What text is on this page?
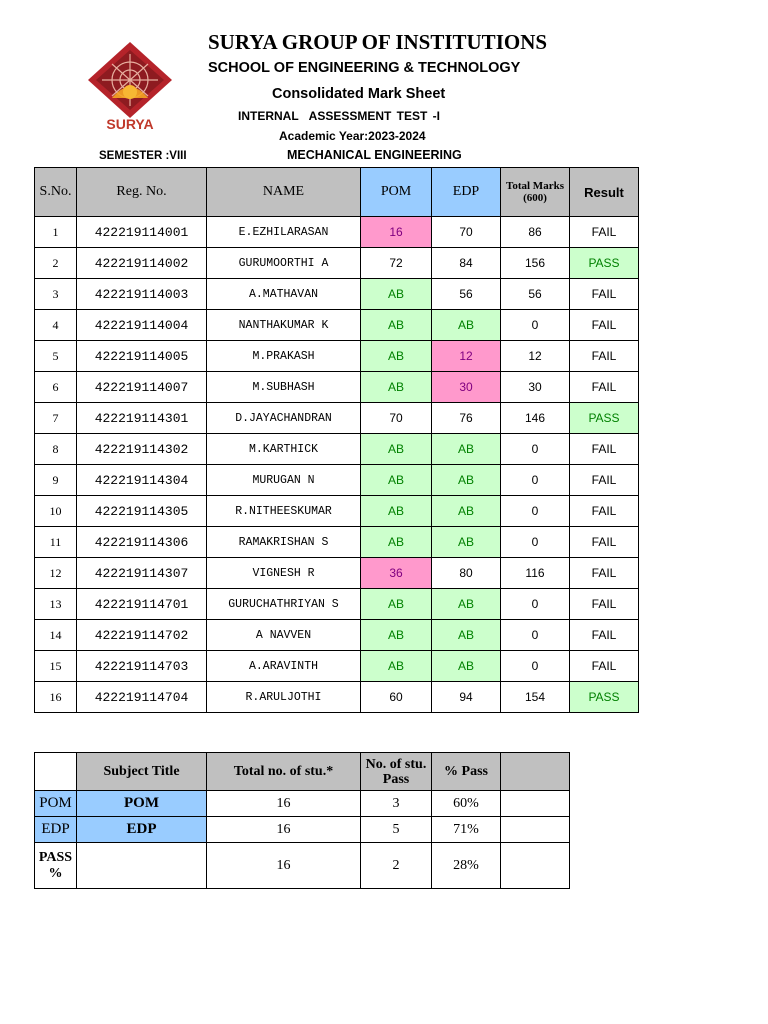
SURYA
SURYA GROUP OF INSTITUTIONS
SCHOOL OF ENGINEERING & TECHNOLOGY
Consolidated Mark Sheet
INTERNAL  ASSESSMENT TEST -I
Academic Year:2023-2024
SEMESTER :VIII	MECHANICAL ENGINEERING
S.No.	Reg. No.	NAME	POM	EDP	Total Marks (600)	Result
1	422219114001	E.EZHILARASAN	16	70	86	FAIL
2	422219114002	GURUMOORTHI A	72	84	156	PASS
3	422219114003	A.MATHAVAN	AB	56	56	FAIL
4	422219114004	NANTHAKUMAR K	AB	AB	0	FAIL
5	422219114005	M.PRAKASH	AB	12	12	FAIL
6	422219114007	M.SUBHASH	AB	30	30	FAIL
7	422219114301	D.JAYACHANDRAN	70	76	146	PASS
8	422219114302	M.KARTHICK	AB	AB	0	FAIL
9	422219114304	MURUGAN N	AB	AB	0	FAIL
10	422219114305	R.NITHEESKUMAR	AB	AB	0	FAIL
11	422219114306	RAMAKRISHAN S	AB	AB	0	FAIL
12	422219114307	VIGNESH R	36	80	116	FAIL
13	422219114701	GURUCHATHRIYAN S	AB	AB	0	FAIL
14	422219114702	A NAVVEN	AB	AB	0	FAIL
15	422219114703	A.ARAVINTH	AB	AB	0	FAIL
16	422219114704	R.ARULJOTHI	60	94	154	PASS
	Subject Title	Total no. of stu.*	No. of stu. Pass	% Pass	
POM	POM	16	3	60%	
EDP	EDP	16	5	71%	
PASS %		16	2	28%	
